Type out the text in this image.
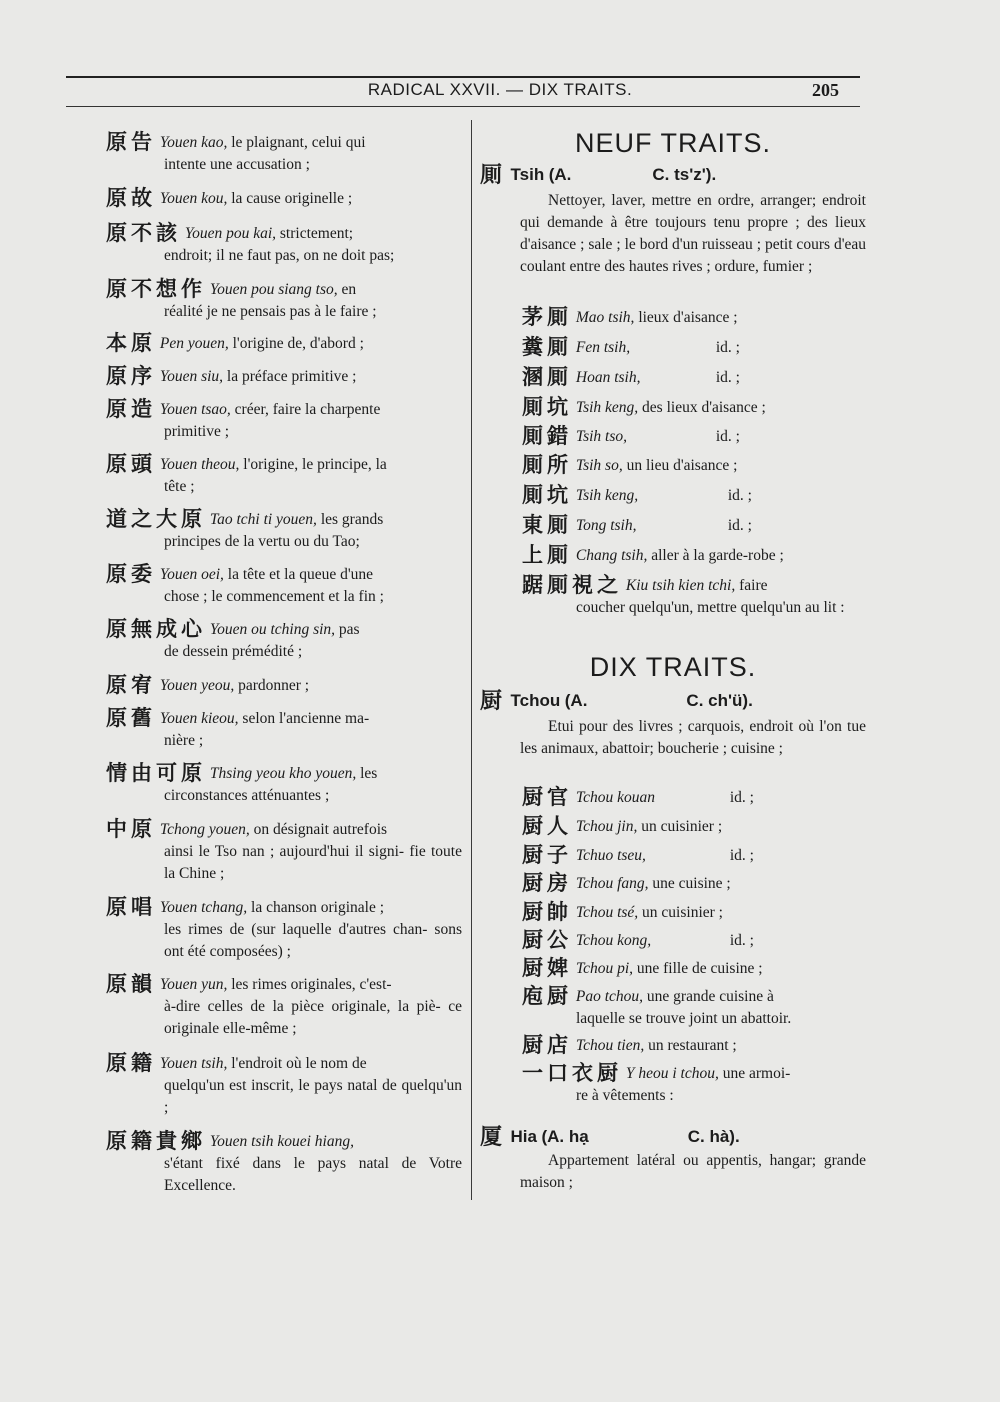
RADICAL XXVII. — DIX TRAITS.	205
原告 Youen kao, le plaignant, celui qui
intente une accusation ;
原故 Youen kou, la cause originelle ;
原不該 Youen pou kai, strictement;
endroit; il ne faut pas, on ne doit pas;
原不想作 Youen pou siang tso, en
réalité je ne pensais pas à le faire ;
本原 Pen youen, l'origine de, d'abord ;
原序 Youen siu, la préface primitive ;
原造 Youen tsao, créer, faire la charpente
primitive ;
原頭 Youen theou, l'origine, le principe, la
tête ;
道之大原 Tao tchi ti youen, les grands
principes de la vertu ou du Tao;
原委 Youen oei, la tête et la queue d'une
chose ; le commencement et la fin ;
原無成心 Youen ou tching sin, pas
de dessein prémédité ;
原宥 Youen yeou, pardonner ;
原舊 Youen kieou, selon l'ancienne ma-
nière ;
情由可原 Thsing yeou kho youen, les
circonstances atténuantes ;
中原 Tchong youen, on désignait autrefois
ainsi le Tso nan ; aujourd'hui il signi- fie toute la Chine ;
原唱 Youen tchang, la chanson originale ;
les rimes de (sur laquelle d'autres chan- sons ont été composées) ;
原韻 Youen yun, les rimes originales, c'est-
à-dire celles de la pièce originale, la piè- ce originale elle-même ;
原籍 Youen tsih, l'endroit où le nom de
quelqu'un est inscrit, le pays natal de quelqu'un ;
原籍貴鄉 Youen tsih kouei hiang,
s'étant fixé dans le pays natal de Votre Excellence.
NEUF TRAITS.
厠 Tsih (A.	C. ts'z').
Nettoyer, laver, mettre en ordre, arranger; endroit qui demande à être toujours tenu propre ; des lieux d'aisance ; sale ; le bord d'un ruisseau ; petit cours d'eau coulant entre des hautes rives ; ordure, fumier ;
茅厠 Mao tsih, lieux d'aisance ;
糞厠 Fen tsih,	id. ;
溷厠 Hoan tsih,	id. ;
厠坑 Tsih keng, des lieux d'aisance ;
厠錯 Tsih tso,	id. ;
厠所 Tsih so, un lieu d'aisance ;
厠坑 Tsih keng,	id. ;
東厠 Tong tsih,	id. ;
上厠 Chang tsih, aller à la garde-robe ;
踞厠視之 Kiu tsih kien tchi, faire
coucher quelqu'un, mettre quelqu'un au lit :
DIX TRAITS.
厨 Tchou (A.	C. ch'ü).
Etui pour des livres ; carquois, endroit où l'on tue les animaux, abattoir; boucherie ; cuisine ;
厨官 Tchou kouan	id. ;
厨人 Tchou jin, un cuisinier ;
厨子 Tchuo tseu,	id. ;
厨房 Tchou fang, une cuisine ;
厨帥 Tchou tsé, un cuisinier ;
厨公 Tchou kong,	id. ;
厨婢 Tchou pi, une fille de cuisine ;
庖厨 Pao tchou, une grande cuisine à
laquelle se trouve joint un abattoir.
厨店 Tchou tien, un restaurant ;
一口衣厨 Y heou i tchou, une armoi-
re à vêtements :
厦 Hia (A. hạ	C. hà).
Appartement latéral ou appentis, hangar; grande maison ;
